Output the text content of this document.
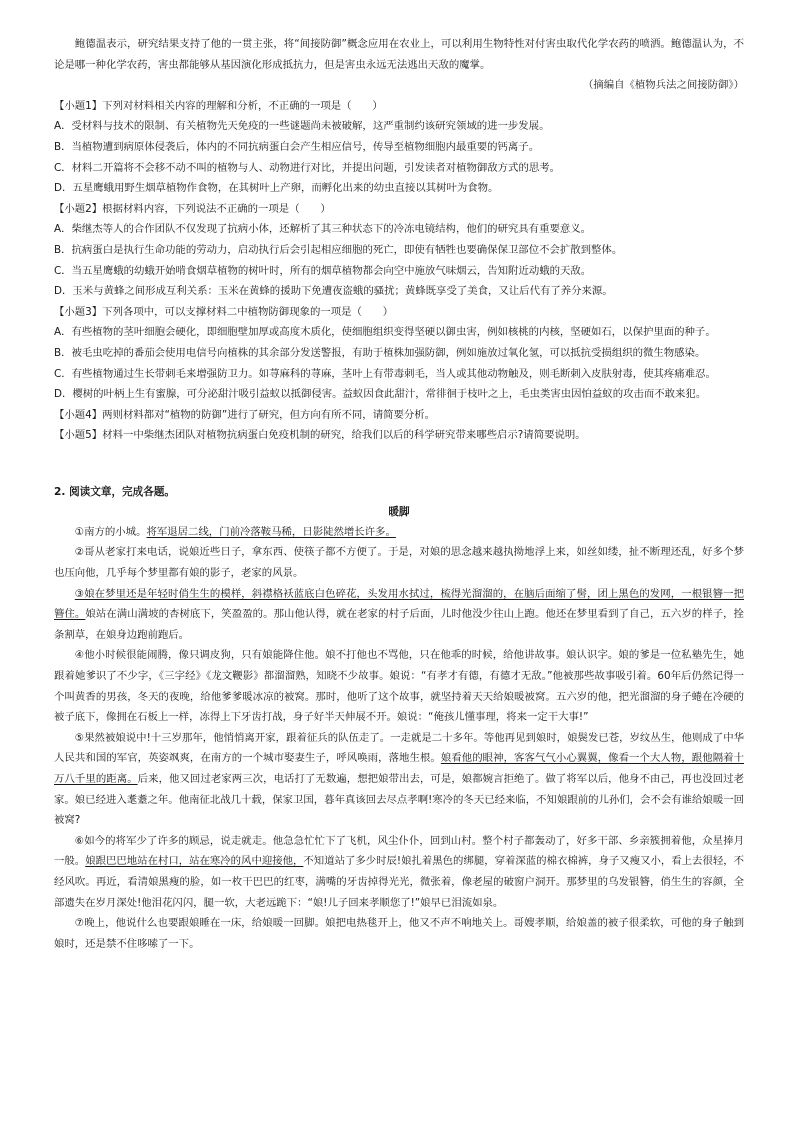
鲍德温表示，研究结果支持了他的一贯主张，将“间接防御”概念应用在农业上，可以利用生物特性对付害虫取代化学农药的喷洒。鲍德温认为，不论是哪一种化学农药，害虫都能够从基因演化形成抵抗力，但是害虫永远无法逃出天敌的魔掌。

（摘编自《植物兵法之间接防御》）

【小题1】下列对材料相关内容的理解和分析，不正确的一项是（　　）

A．受材料与技术的限制、有关植物先天免疫的一些谜题尚未被破解，这严重制约该研究领域的进一步发展。

B．当植物遭到病原体侵袭后，体内的不同抗病蛋白会产生相应信号，传导至植物细胞内最重要的钙离子。

C．材料二开篇将不会移不动不叫的植物与人、动物进行对比，并提出问题，引发读者对植物御敌方式的思考。

D．五星鹰蛾用野生烟草植物作食物，在其树叶上产卵，而孵化出来的幼虫直接以其树叶为食物。

【小题2】根据材料内容，下列说法不正确的一项是（　　）

A．柴继杰等人的合作团队不仅发现了抗病小体，还解析了其三种状态下的冷冻电镜结构，他们的研究具有重要意义。

B．抗病蛋白是执行生命功能的劳动力，启动执行后会引起相应细胞的死亡，即使有牺牲也要确保保卫部位不会扩散到整体。

C．当五星鹰蛾的幼蛾开始啃食烟草植物的树叶时，所有的烟草植物都会向空中施放气味烟云，告知附近动蛾的天敌。

D．玉米与黄蜂之间形成互利关系：玉米在黄蜂的援助下免遭夜盗蛾的骚扰；黄蜂既享受了美食，又让后代有了养分来源。

【小题3】下列各项中，可以支撑材料二中植物防御现象的一项是（　　）

A．有些植物的茎叶细胞会硬化，即细胞壁加厚或高度木质化，使细胞组织变得坚硬以御虫害，例如核桃的内核，坚硬如石，以保护里面的种子。

B．被毛虫吃掉的番茄会使用电信号向植株的其余部分发送警报，有助于植株加强防御，例如施放过氧化氢，可以抵抗受损组织的微生物感染。

C．有些植物通过生长带刺毛来增强防卫力。如荨麻科的荨麻，茎叶上有带毒刺毛，当人或其他动物触及，则毛断刺入皮肤射毒，使其疼痛难忍。

D．樱树的叶柄上生有蜜腺，可分泌甜汁吸引益蚁以抵御侵害。益蚁因食此甜汁，常徘徊于枝叶之上，毛虫类害虫因怕益蚁的攻击而不敢来犯。

【小题4】两则材料都对“植物的防御”进行了研究，但方向有所不同，请简要分析。

【小题5】材料一中柴继杰团队对植物抗病蛋白免疫机制的研究，给我们以后的科学研究带来哪些启示?请简要说明。

2. 阅读文章，完成各题。

暖脚

①南方的小城。将军退居二线，门前冷落鞍马稀，日影陡然增长许多。

②哥从老家打来电话，说娘近些日子，拿东西、使筷子都不方便了。于是，对娘的思念越来越执拗地浮上来，如丝如缕，扯不断理还乱，好多个梦也压向他，几乎每个梦里都有娘的影子，老家的风景。

③娘在梦里还是年轻时俏生生的模样，斜襟格袄蓝底白色碎花，头发用水拭过，梳得光溜溜的，在脑后面缩了髻，团上黑色的发网，一根银簪一把簪住。娘站在满山满坡的杏树底下，笑盈盈的。那山他认得，就在老家的村子后面，儿时他没少往山上跑。他还在梦里看到了自己，五六岁的样子，拴条割草，在娘身边跑前跑后。

④他小时候很能闹腾，像只调皮狗，只有娘能降住他。娘不打他也不骂他，只在他乖的时候，给他讲故事。娘认识字。娘的爹是一位私塾先生，她跟着她爹识了不少字，《三字经》《龙文鞭影》都溜溜熟，知晓不少故事。娘说：“有孝才有德，有德才无敌。”他被那些故事吸引着。60年后仍然记得一个叫黄香的男孩，冬天的夜晚，给他爹爹暖冰凉的被窝。那时，他听了这个故事，就坚持着天天给娘暖被窝。五六岁的他，把光溜溜的身子蜷在冷硬的被子底下，像拥在石板上一样，冻得上下牙齿打战，身子好半天伸展不开。娘说：“俺孩儿懂事理，将来一定干大事!”

⑤果然被娘说中!十三岁那年，他悄悄离开家，跟着征兵的队伍走了。一走就是二十多年。等他再见到娘时，娘鬓发已苍，岁纹丛生，他则成了中华人民共和国的军官，英姿飒爽，在南方的一个城市娶妻生子，呼风唤雨，落地生根。娘看他的眼神，客客气气小心翼翼，像看一个大人物，跟他隔着十万八千里的距离。后来，他又回过老家两三次，电话打了无数遍，想把娘带出去，可是，娘都婉言拒绝了。做了将军以后，他身不由己，再也没回过老家。娘已经进入耄耋之年。他南征北战几十载，保家卫国，暮年真该回去尽点孝啊!寒冷的冬天已经来临，不知娘跟前的儿孙们，会不会有谁给娘暖一回被窝?

⑥如今的将军少了许多的顾忌，说走就走。他急急忙忙下了飞机，风尘仆仆，回到山村。整个村子都轰动了，好多干部、乡亲簇拥着他，众星捧月一般。娘跟巴巴地站在村口，站在寒冷的风中迎接他，不知道站了多少时辰!娘扎着黑色的绑腿，穿着深蓝的棉衣棉裤，身子又瘦又小，看上去很轻，不经风吹。再近，看清娘黑瘦的脸，如一枚干巴巴的红枣，满嘴的牙齿掉得光光，微张着，像老屋的破窗户洞开。那梦里的乌发银簪，俏生生的容颜，全部遗失在岁月深处!他泪花闪闪，腿一软，大老远跪下：“娘!儿子回来孝顺您了!”娘早已泪流如泉。

⑦晚上，他说什么也要跟娘睡在一床，给娘暖一回脚。娘把电热毯开上，他又不声不响地关上。哥嫂孝顺，给娘盖的被子很柔软，可他的身子触到娘时，还是禁不住哆嗦了一下。
